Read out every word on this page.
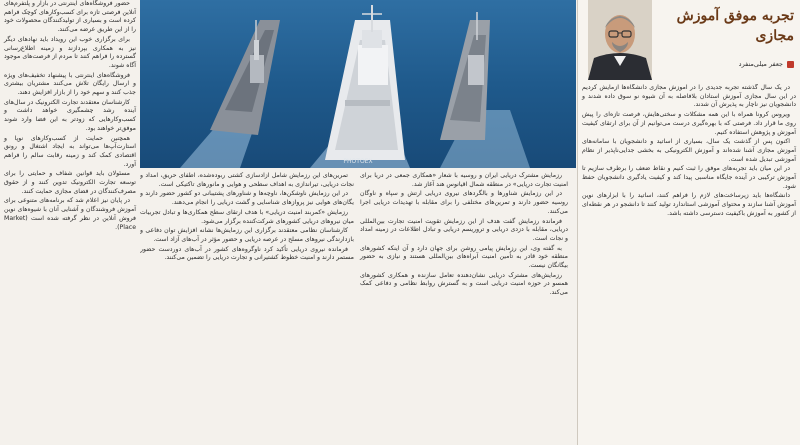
حضور فروشگاه‌های اینترنتی در بازار و پلتفرم‌های آنلاین فرصتی تازه برای کسب‌وکارهای کوچک فراهم کرده است و بسیاری از تولیدکنندگان محصولات خود را از این طریق عرضه می‌کنند.

برای برگزاری خوب این رویداد باید نهادهای دیگر نیز به همکاری بپردازند و زمینه اطلاع‌رسانی گسترده را فراهم کنند تا مردم از فرصت‌های موجود آگاه شوند.

فروشگاه‌های اینترنتی با پیشنهاد تخفیف‌های ویژه و ارسال رایگان تلاش می‌کنند مشتریان بیشتری جذب کنند و سهم خود را از بازار افزایش دهند.

کارشناسان معتقدند تجارت الکترونیک در سال‌های آینده رشد چشمگیری خواهد داشت و کسب‌وکارهایی که زودتر به این فضا وارد شوند موفق‌تر خواهند بود.

همچنین حمایت از کسب‌وکارهای نوپا و استارت‌آپ‌ها می‌تواند به ایجاد اشتغال و رونق اقتصادی کمک کند و زمینه رقابت سالم را فراهم آورد.

مسئولان باید قوانین شفاف و حمایتی را برای توسعه تجارت الکترونیک تدوین کنند و از حقوق مصرف‌کنندگان در فضای مجازی حمایت کنند.

در پایان نیز اعلام شد که برنامه‌های متنوعی برای آموزش فروشندگان و آشنایی آنان با شیوه‌های نوین فروش آنلاین در نظر گرفته شده است (Market Place).

PHOTOEX

رزمایش مشترک دریایی ایران و روسیه با شعار «همکاری جمعی در دریا برای امنیت تجارت دریایی» در منطقه شمال اقیانوس هند آغاز شد.

در این رزمایش شناورها و بالگردهای نیروی دریایی ارتش و سپاه و ناوگان روسیه حضور دارند و تمرین‌های مختلفی را برای مقابله با تهدیدات دریایی اجرا می‌کنند.

فرمانده رزمایش گفت هدف از این رزمایش تقویت امنیت تجارت بین‌المللی دریایی، مقابله با دزدی دریایی و تروریسم دریایی و تبادل اطلاعات در زمینه امداد و نجات است.

به گفته وی، این رزمایش پیامی روشن برای جهان دارد و آن اینکه کشورهای منطقه خود قادر به تأمین امنیت آبراه‌های بین‌المللی هستند و نیازی به حضور بیگانگان نیست.

رزمایش‌های مشترک دریایی نشان‌دهنده تعامل سازنده و همکاری کشورهای همسو در حوزه امنیت دریایی است و به گسترش روابط نظامی و دفاعی کمک می‌کند.

تمرین‌های این رزمایش شامل آزادسازی کشتی ربوده‌شده، اطفای حریق، امداد و نجات دریایی، تیراندازی به اهداف سطحی و هوایی و مانورهای تاکتیکی است.

در این رزمایش ناوشکن‌ها، ناوچه‌ها و شناورهای پشتیبانی دو کشور حضور دارند و یگان‌های هوایی نیز پروازهای شناسایی و گشت دریایی را انجام می‌دهند.

رزمایش «کمربند امنیت دریایی» با هدف ارتقای سطح همکاری‌ها و تبادل تجربیات میان نیروهای دریایی کشورهای شرکت‌کننده برگزار می‌شود.

کارشناسان نظامی معتقدند برگزاری این رزمایش‌ها نشانه افزایش توان دفاعی و بازدارندگی نیروهای مسلح در عرصه دریایی و حضور مؤثر در آب‌های آزاد است.

فرمانده نیروی دریایی تأکید کرد ناوگروه‌های کشور در آب‌های دوردست حضور مستمر دارند و امنیت خطوط کشتیرانی و تجارت دریایی را تضمین می‌کنند.

تجربه موفق آموزش
مجازی
جعفر میلی‌منفرد

در یک سال گذشته تجربه جدیدی را در آموزش مجازی دانشگاه‌ها آزمایش کردیم در این سال مجازی آموزش استادان بلافاصله به آن شیوه نو سوق داده شدند و دانشجویان نیز ناچار به پذیرش آن شدند.

ویروس کرونا همراه با این همه مشکلات و سختی‌هایش، فرصت تازه‌ای را پیش روی ما قرار داد. فرصتی که با بهره‌گیری درست می‌توانیم از آن برای ارتقای کیفیت آموزش و پژوهش استفاده کنیم.

اکنون پس از گذشت یک سال، بسیاری از اساتید و دانشجویان با سامانه‌های آموزش مجازی آشنا شده‌اند و آموزش الکترونیکی به بخشی جدایی‌ناپذیر از نظام آموزشی تبدیل شده است.

در این میان باید تجربه‌های موفق را ثبت کنیم و نقاط ضعف را برطرف سازیم تا آموزش ترکیبی در آینده جایگاه مناسبی پیدا کند و کیفیت یادگیری دانشجویان حفظ شود.

دانشگاه‌ها باید زیرساخت‌های لازم را فراهم کنند، اساتید را با ابزارهای نوین آموزش آشنا سازند و محتوای آموزشی استاندارد تولید کنند تا دانشجو در هر نقطه‌ای از کشور به آموزش باکیفیت دسترسی داشته باشد.
